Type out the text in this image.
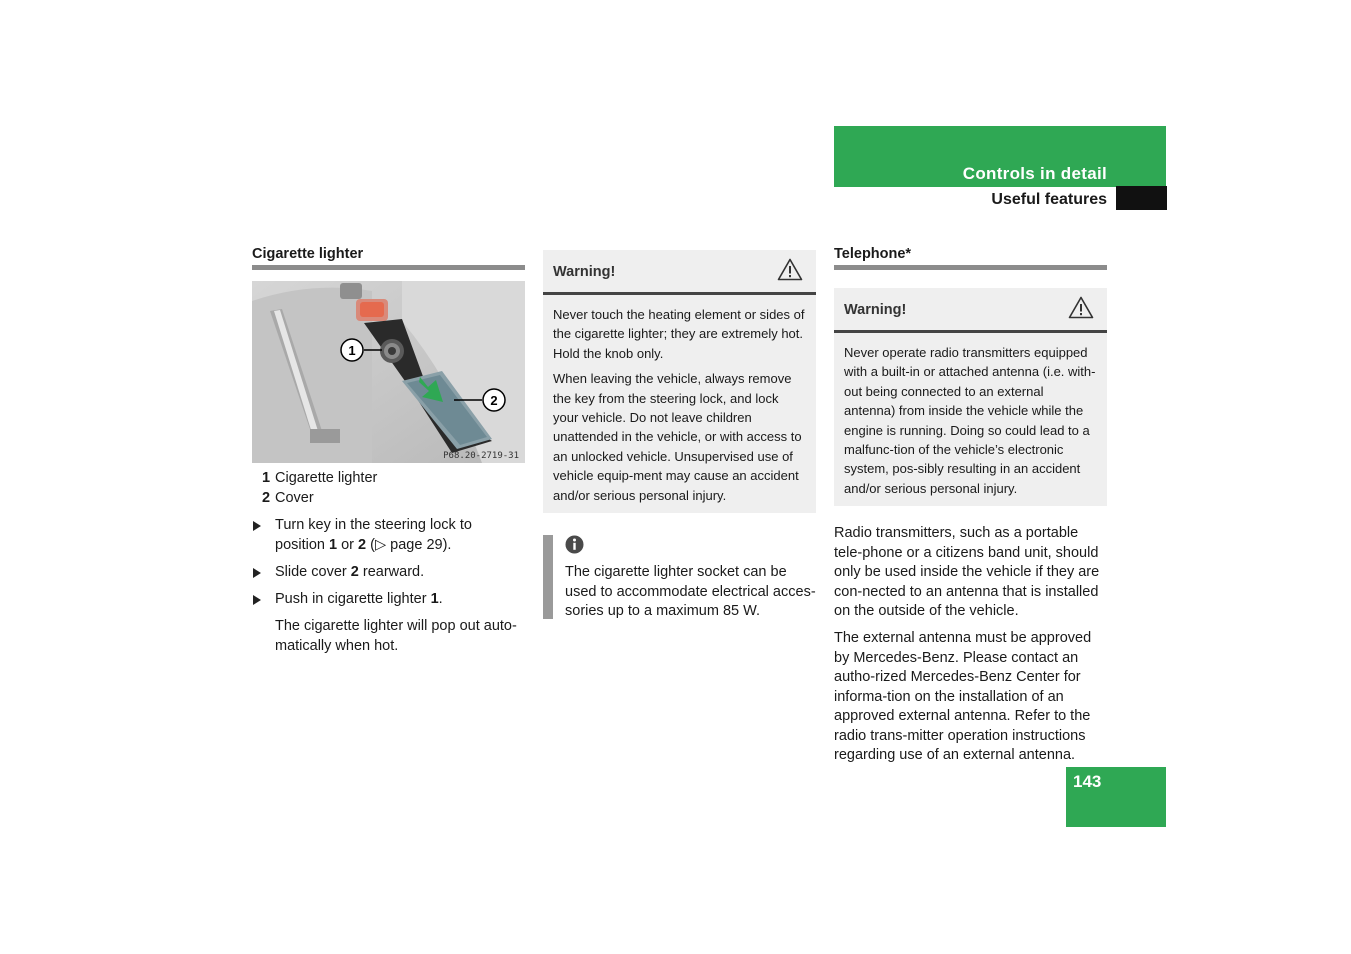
Controls in detail
Useful features
Cigarette lighter
1
2
P68.20-2719-31
1 Cigarette lighter
2 Cover
Turn key in the steering lock to position 1 or 2 (▷ page 29).
Slide cover 2 rearward.
Push in cigarette lighter 1.
The cigarette lighter will pop out auto-matically when hot.
Warning!

Never touch the heating element or sides of the cigarette lighter; they are extremely hot. Hold the knob only.

When leaving the vehicle, always remove the key from the steering lock, and lock your vehicle. Do not leave children unattended in the vehicle, or with access to an unlocked vehicle. Unsupervised use of vehicle equip-ment may cause an accident and/or serious personal injury.

The cigarette lighter socket can be used to accommodate electrical acces-sories up to a maximum 85 W.
Telephone*
Warning!

Never operate radio transmitters equipped with a built-in or attached antenna (i.e. with-out being connected to an external antenna) from inside the vehicle while the engine is running. Doing so could lead to a malfunc-tion of the vehicle’s electronic system, pos-sibly resulting in an accident and/or serious personal injury.

Radio transmitters, such as a portable tele-phone or a citizens band unit, should only be used inside the vehicle if they are con-nected to an antenna that is installed on the outside of the vehicle.

The external antenna must be approved by Mercedes-Benz. Please contact an autho-rized Mercedes-Benz Center for informa-tion on the installation of an approved external antenna. Refer to the radio trans-mitter operation instructions regarding use of an external antenna.

143
